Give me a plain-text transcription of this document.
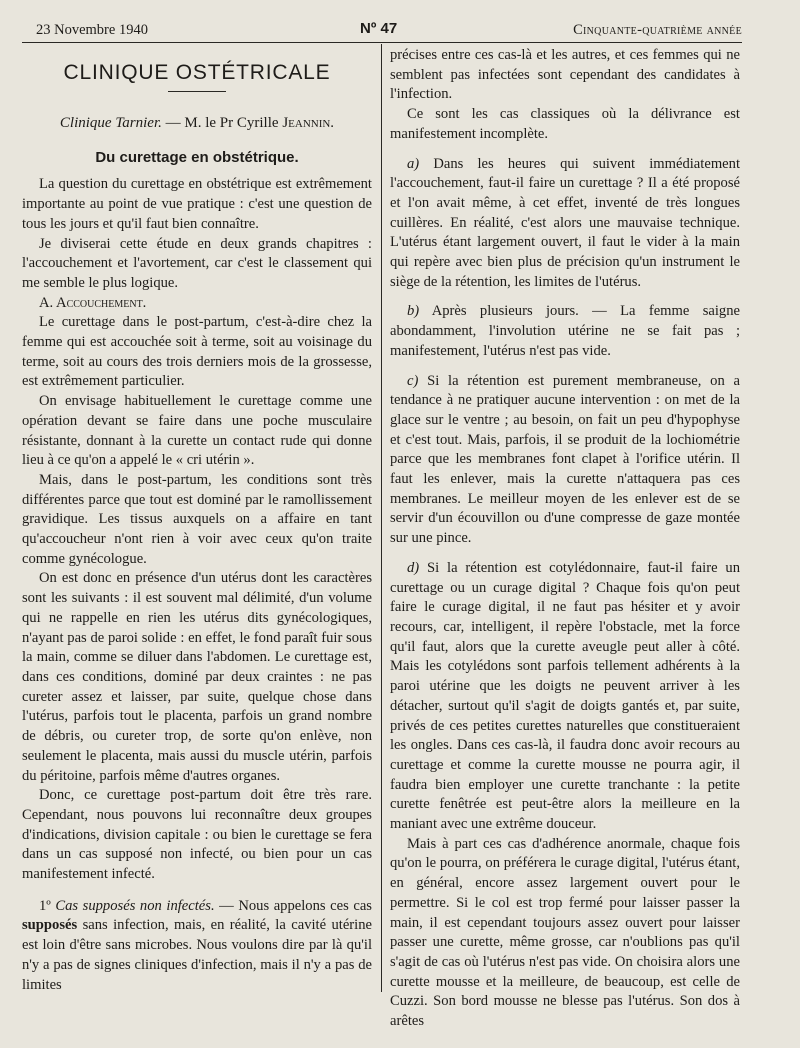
23 Novembre 1940	Nº 47	Cinquante-quatrième année
CLINIQUE OSTÉTRICALE
Clinique Tarnier. — M. le Pr Cyrille Jeannin.
Du curettage en obstétrique.

La question du curettage en obstétrique est extrêmement importante au point de vue pratique : c'est une question de tous les jours et qu'il faut bien connaître.

Je diviserai cette étude en deux grands chapitres : l'accouchement et l'avortement, car c'est le classement qui me semble le plus logique.

A. Accouchement.

Le curettage dans le post-partum, c'est-à-dire chez la femme qui est accouchée soit à terme, soit au voisinage du terme, soit au cours des trois derniers mois de la grossesse, est extrêmement particulier.

On envisage habituellement le curettage comme une opération devant se faire dans une poche musculaire résistante, donnant à la curette un contact rude qui donne lieu à ce qu'on a appelé le « cri utérin ».

Mais, dans le post-partum, les conditions sont très différentes parce que tout est dominé par le ramollissement gravidique. Les tissus auxquels on a affaire en tant qu'accoucheur n'ont rien à voir avec ceux qu'on traite comme gynécologue.

On est donc en présence d'un utérus dont les caractères sont les suivants : il est souvent mal délimité, d'un volume qui ne rappelle en rien les utérus dits gynécologiques, n'ayant pas de paroi solide : en effet, le fond paraît fuir sous la main, comme se diluer dans l'abdomen. Le curettage est, dans ces conditions, dominé par deux craintes : ne pas cureter assez et laisser, par suite, quelque chose dans l'utérus, parfois tout le placenta, parfois un grand nombre de débris, ou cureter trop, de sorte qu'on enlève, non seulement le placenta, mais aussi du muscle utérin, parfois du péritoine, parfois même d'autres organes.

Donc, ce curettage post-partum doit être très rare. Cependant, nous pouvons lui reconnaître deux groupes d'indications, division capitale : ou bien le curettage se fera dans un cas supposé non infecté, ou bien pour un cas manifestement infecté.

1º Cas supposés non infectés. — Nous appelons ces cas supposés sans infection, mais, en réalité, la cavité utérine est loin d'être sans microbes. Nous voulons dire par là qu'il n'y a pas de signes cliniques d'infection, mais il n'y a pas de limites

précises entre ces cas-là et les autres, et ces femmes qui ne semblent pas infectées sont cependant des candidates à l'infection.

Ce sont les cas classiques où la délivrance est manifestement incomplète.

a) Dans les heures qui suivent immédiatement l'accouchement, faut-il faire un curettage ? Il a été proposé et l'on avait même, à cet effet, inventé de très longues cuillères. En réalité, c'est alors une mauvaise technique. L'utérus étant largement ouvert, il faut le vider à la main qui repère avec bien plus de précision qu'un instrument le siège de la rétention, les limites de l'utérus.

b) Après plusieurs jours. — La femme saigne abondamment, l'involution utérine ne se fait pas ; manifestement, l'utérus n'est pas vide.

c) Si la rétention est purement membraneuse, on a tendance à ne pratiquer aucune intervention : on met de la glace sur le ventre ; au besoin, on fait un peu d'hypophyse et c'est tout. Mais, parfois, il se produit de la lochiométrie parce que les membranes font clapet à l'orifice utérin. Il faut les enlever, mais la curette n'attaquera pas ces membranes. Le meilleur moyen de les enlever est de se servir d'un écouvillon ou d'une compresse de gaze montée sur une pince.

d) Si la rétention est cotylédonnaire, faut-il faire un curettage ou un curage digital ? Chaque fois qu'on peut faire le curage digital, il ne faut pas hésiter et y avoir recours, car, intelligent, il repère l'obstacle, met la force qu'il faut, alors que la curette aveugle peut aller à côté. Mais les cotylédons sont parfois tellement adhérents à la paroi utérine que les doigts ne peuvent arriver à les détacher, surtout qu'il s'agit de doigts gantés et, par suite, privés de ces petites curettes naturelles que constitueraient les ongles. Dans ces cas-là, il faudra donc avoir recours au curettage et comme la curette mousse ne pourra agir, il faudra bien employer une curette tranchante : la petite curette fenêtrée est peut-être alors la meilleure en la maniant avec une extrême douceur.

Mais à part ces cas d'adhérence anormale, chaque fois qu'on le pourra, on préférera le curage digital, l'utérus étant, en général, encore assez largement ouvert pour le permettre. Si le col est trop fermé pour laisser passer la main, il est cependant toujours assez ouvert pour laisser passer une curette, même grosse, car n'oublions pas qu'il s'agit de cas où l'utérus n'est pas vide. On choisira alors une curette mousse et la meilleure, de beaucoup, est celle de Cuzzi. Son bord mousse ne blesse pas l'utérus. Son dos à arêtes
